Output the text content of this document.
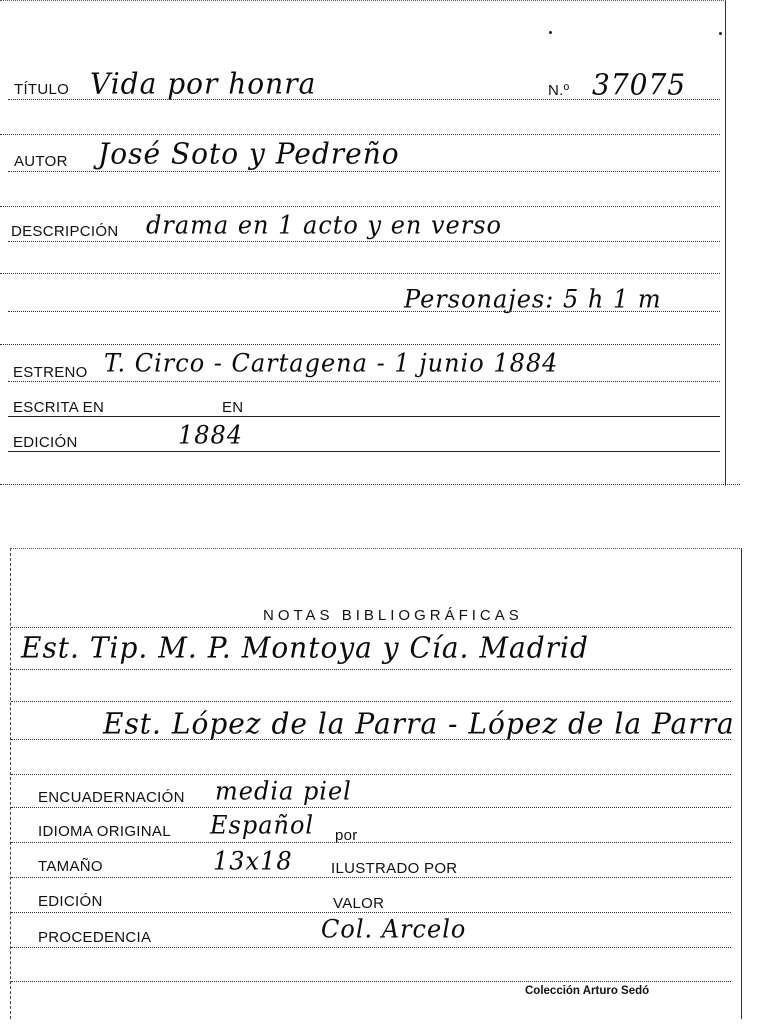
TÍTULO Vida por honra	N.º 37075
AUTOR José Soto y Pedreño
DESCRIPCIÓN drama en 1 acto y en verso
Personajes: 5 h 1 m
ESTRENO T. Circo - Cartagena - 1 junio 1884
ESCRITA EN	EN
EDICIÓN	1884
NOTAS BIBLIOGRÁFICAS
Est. Tip. M. P. Montoya y Cía. Madrid
Est. López de la Parra - López de la Parra
ENCUADERNACIÓN media piel
IDIOMA ORIGINAL Español por
TAMAÑO	13x18	ILUSTRADO POR
EDICIÓN	VALOR
PROCEDENCIA	Col. Arcelo
Colección Arturo Sedó
